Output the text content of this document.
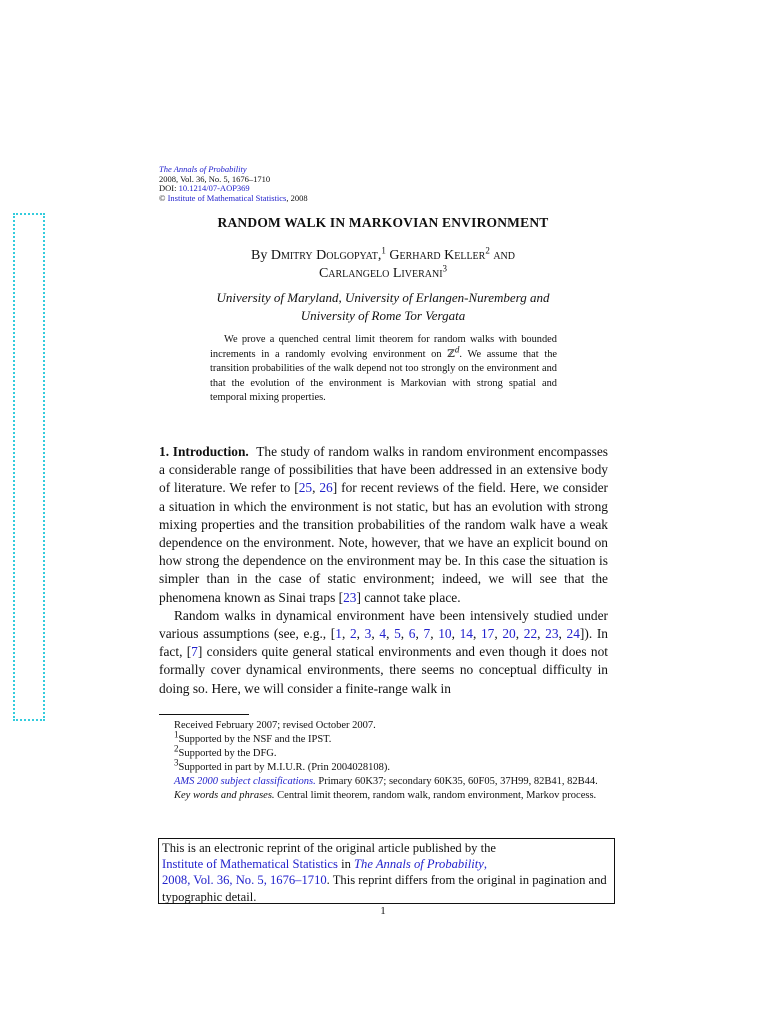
The Annals of Probability
2008, Vol. 36, No. 5, 1676–1710
DOI: 10.1214/07-AOP369
© Institute of Mathematical Statistics, 2008
RANDOM WALK IN MARKOVIAN ENVIRONMENT
By Dmitry Dolgopyat,$^1$ Gerhard Keller$^2$ and
Carlangelo Liverani$^3$
University of Maryland, University of Erlangen-Nuremberg and
University of Rome Tor Vergata
We prove a quenched central limit theorem for random walks with bounded increments in a randomly evolving environment on ℤd. We assume that the transition probabilities of the walk depend not too strongly on the environment and that the evolution of the environment is Markovian with strong spatial and temporal mixing properties.

1. Introduction. The study of random walks in random environment encompasses a considerable range of possibilities that have been addressed in an extensive body of literature. We refer to [25, 26] for recent reviews of the field. Here, we consider a situation in which the environment is not static, but has an evolution with strong mixing properties and the transition probabilities of the random walk have a weak dependence on the environment. Note, however, that we have an explicit bound on how strong the dependence on the environment may be. In this case the situation is simpler than in the case of static environment; indeed, we will see that the phenomena known as Sinai traps [23] cannot take place.

Random walks in dynamical environment have been intensively studied under various assumptions (see, e.g., [1, 2, 3, 4, 5, 6, 7, 10, 14, 17, 20, 22, 23, 24]). In fact, [7] considers quite general statical environments and even though it does not formally cover dynamical environments, there seems no conceptual difficulty in doing so. Here, we will consider a finite-range walk in

Received February 2007; revised October 2007.
1Supported by the NSF and the IPST.
2Supported by the DFG.
3Supported in part by M.I.U.R. (Prin 2004028108).
AMS 2000 subject classifications. Primary 60K37; secondary 60K35, 60F05, 37H99, 82B41, 82B44.
Key words and phrases. Central limit theorem, random walk, random environment, Markov process.
This is an electronic reprint of the original article published by the
Institute of Mathematical Statistics in The Annals of Probability,
2008, Vol. 36, No. 5, 1676–1710. This reprint differs from the original in pagination and typographic detail.
1
